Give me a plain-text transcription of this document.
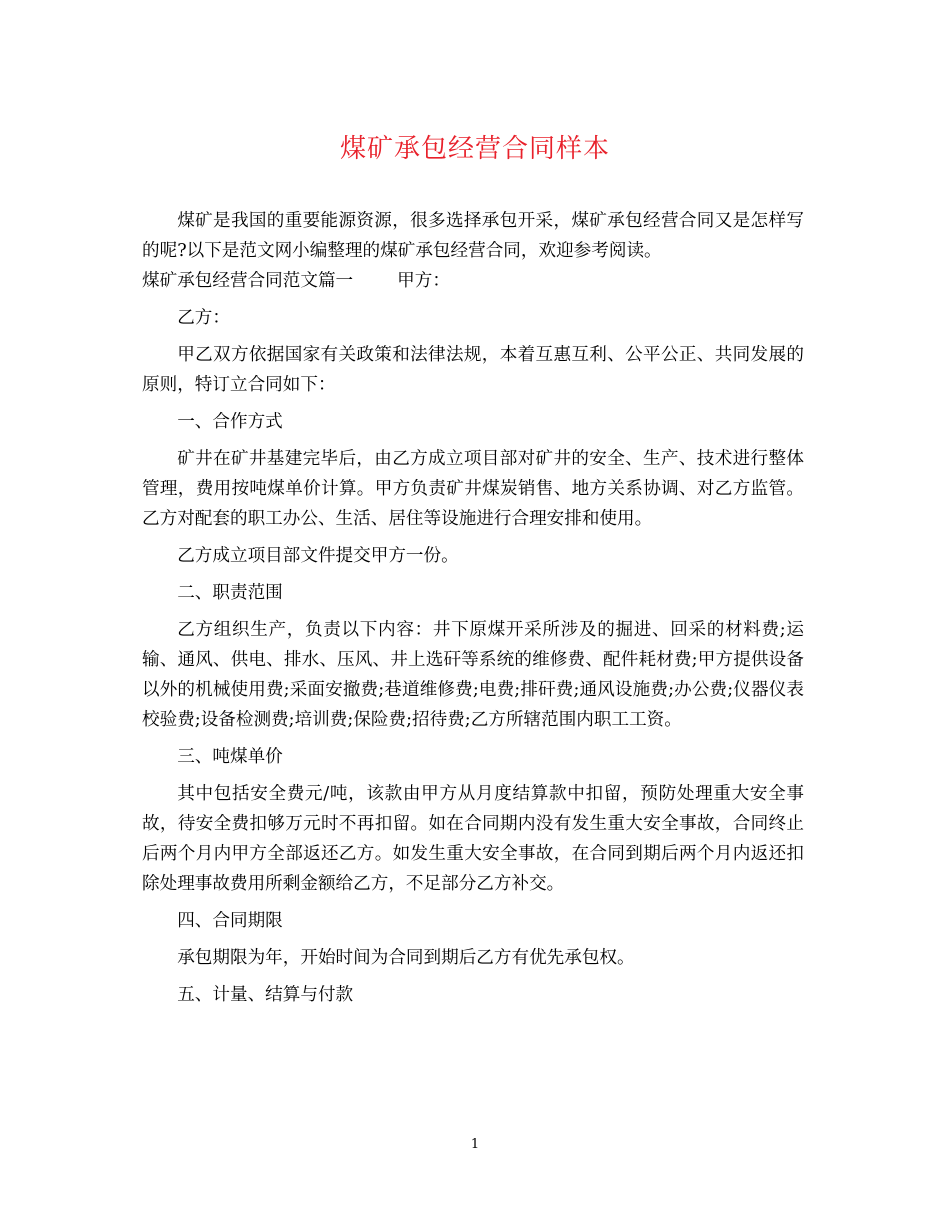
煤矿承包经营合同样本

煤矿是我国的重要能源资源，很多选择承包开采，煤矿承包经营合同又是怎样写的呢?以下是范文网小编整理的煤矿承包经营合同，欢迎参考阅读。

煤矿承包经营合同范文篇一	甲方：

乙方：

甲乙双方依据国家有关政策和法律法规，本着互惠互利、公平公正、共同发展的原则，特订立合同如下：

一、合作方式

矿井在矿井基建完毕后，由乙方成立项目部对矿井的安全、生产、技术进行整体管理，费用按吨煤单价计算。甲方负责矿井煤炭销售、地方关系协调、对乙方监管。乙方对配套的职工办公、生活、居住等设施进行合理安排和使用。

乙方成立项目部文件提交甲方一份。

二、职责范围

乙方组织生产，负责以下内容：井下原煤开采所涉及的掘进、回采的材料费;运输、通风、供电、排水、压风、井上选矸等系统的维修费、配件耗材费;甲方提供设备以外的机械使用费;采面安撤费;巷道维修费;电费;排矸费;通风设施费;办公费;仪器仪表校验费;设备检测费;培训费;保险费;招待费;乙方所辖范围内职工工资。

三、吨煤单价

其中包括安全费元/吨，该款由甲方从月度结算款中扣留，预防处理重大安全事故，待安全费扣够万元时不再扣留。如在合同期内没有发生重大安全事故，合同终止后两个月内甲方全部返还乙方。如发生重大安全事故，在合同到期后两个月内返还扣除处理事故费用所剩金额给乙方，不足部分乙方补交。

四、合同期限

承包期限为年，开始时间为合同到期后乙方有优先承包权。

五、计量、结算与付款

1
